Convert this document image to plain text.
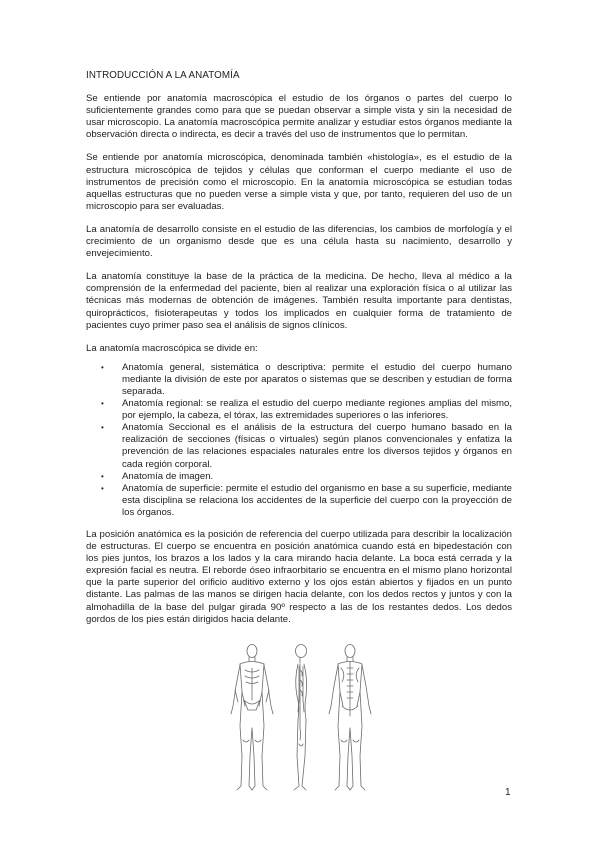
INTRODUCCIÓN A LA ANATOMÍA

Se entiende por anatomía macroscópica el estudio de los órganos o partes del cuerpo lo suficientemente grandes como para que se puedan observar a simple vista y sin la necesidad de usar microscopio. La anatomía macroscópica permite analizar y estudiar estos órganos mediante la observación directa o indirecta, es decir a través del uso de instrumentos que lo permitan.

Se entiende por anatomía microscópica, denominada también «histología», es el estudio de la estructura microscópica de tejidos y células que conforman el cuerpo mediante el uso de instrumentos de precisión como el microscopio. En la anatomía microscópica se estudian todas aquellas estructuras que no pueden verse a simple vista y que, por tanto, requieren del uso de un microscopio para ser evaluadas.

La anatomía de desarrollo consiste en el estudio de las diferencias, los cambios de morfología y el crecimiento de un organismo desde que es una célula hasta su nacimiento, desarrollo y envejecimiento.

La anatomía constituye la base de la práctica de la medicina. De hecho, lleva al médico a la comprensión de la enfermedad del paciente, bien al realizar una exploración física o al utilizar las técnicas más modernas de obtención de imágenes. También resulta importante para dentistas, quiroprácticos, fisioterapeutas y todos los implicados en cualquier forma de tratamiento de pacientes cuyo primer paso sea el análisis de signos clínicos.

La anatomía macroscópica se divide en:

• Anatomía general, sistemática o descriptiva: permite el estudio del cuerpo humano mediante la división de este por aparatos o sistemas que se describen y estudian de forma separada.
• Anatomía regional: se realiza el estudio del cuerpo mediante regiones amplias del mismo, por ejemplo, la cabeza, el tórax, las extremidades superiores o las inferiores.
• Anatomía Seccional es el análisis de la estructura del cuerpo humano basado en la realización de secciones (físicas o virtuales) según planos convencionales y enfatiza la prevención de las relaciones espaciales naturales entre los diversos tejidos y órganos en cada región corporal.
• Anatomía de imagen.
• Anatomía de superficie: permite el estudio del organismo en base a su superficie, mediante esta disciplina se relaciona los accidentes de la superficie del cuerpo con la proyección de los órganos.

La posición anatómica es la posición de referencia del cuerpo utilizada para describir la localización de estructuras. El cuerpo se encuentra en posición anatómica cuando está en bipedestación con los pies juntos, los brazos a los lados y la cara mirando hacia delante. La boca está cerrada y la expresión facial es neutra. El reborde óseo infraorbitario se encuentra en el mismo plano horizontal que la parte superior del orificio auditivo externo y los ojos están abiertos y fijados en un punto distante. Las palmas de las manos se dirigen hacia delante, con los dedos rectos y juntos y con la almohadilla de la base del pulgar girada 90º respecto a las de los restantes dedos. Los dedos gordos de los pies están dirigidos hacia delante.

1
